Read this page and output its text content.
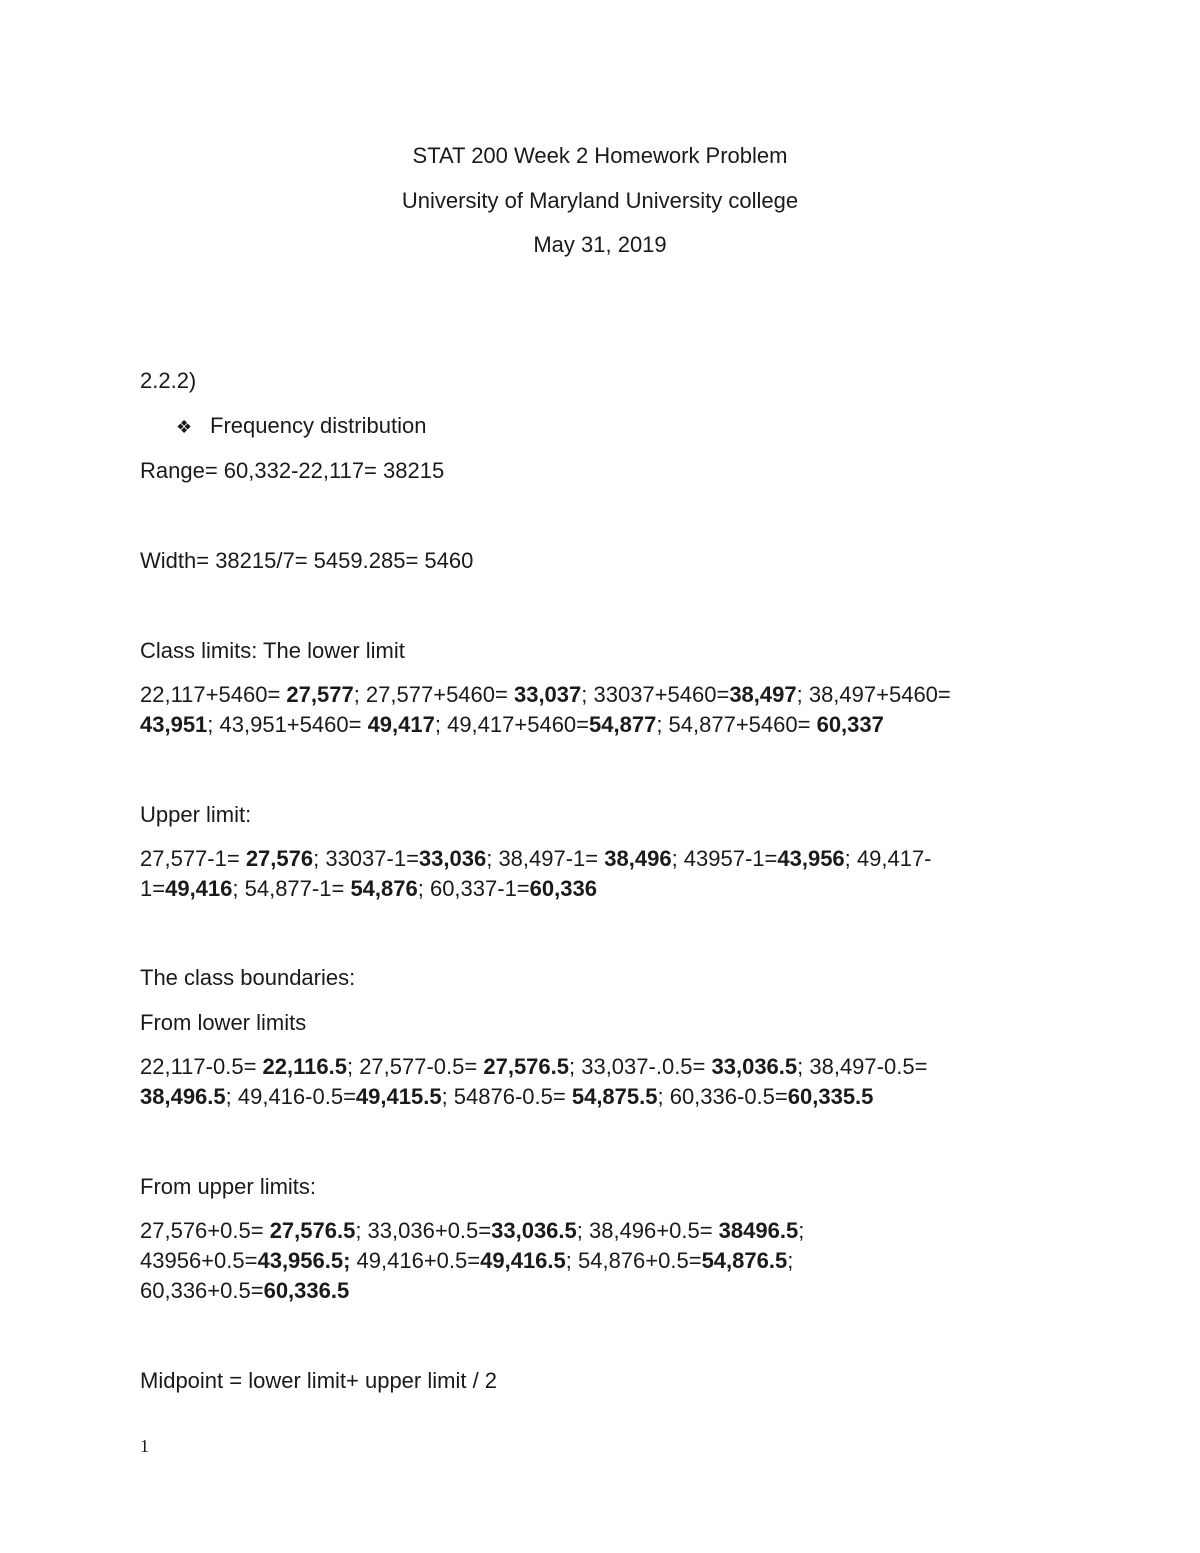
STAT 200 Week 2 Homework Problem
University of Maryland University college
May 31, 2019
2.2.2)
❖ Frequency distribution
Range= 60,332-22,117= 38215
Width= 38215/7= 5459.285= 5460
Class limits: The lower limit
22,117+5460= 27,577; 27,577+5460= 33,037; 33037+5460=38,497; 38,497+5460=
43,951; 43,951+5460= 49,417; 49,417+5460=54,877; 54,877+5460= 60,337
Upper limit:
27,577-1= 27,576; 33037-1=33,036; 38,497-1= 38,496; 43957-1=43,956; 49,417-
1=49,416; 54,877-1= 54,876; 60,337-1=60,336
The class boundaries:
From lower limits
22,117-0.5= 22,116.5; 27,577-0.5= 27,576.5; 33,037-.0.5= 33,036.5; 38,497-0.5=
38,496.5; 49,416-0.5=49,415.5; 54876-0.5= 54,875.5; 60,336-0.5=60,335.5
From upper limits:
27,576+0.5= 27,576.5; 33,036+0.5=33,036.5; 38,496+0.5= 38496.5;
43956+0.5=43,956.5; 49,416+0.5=49,416.5; 54,876+0.5=54,876.5;
60,336+0.5=60,336.5
Midpoint = lower limit+ upper limit / 2
1
